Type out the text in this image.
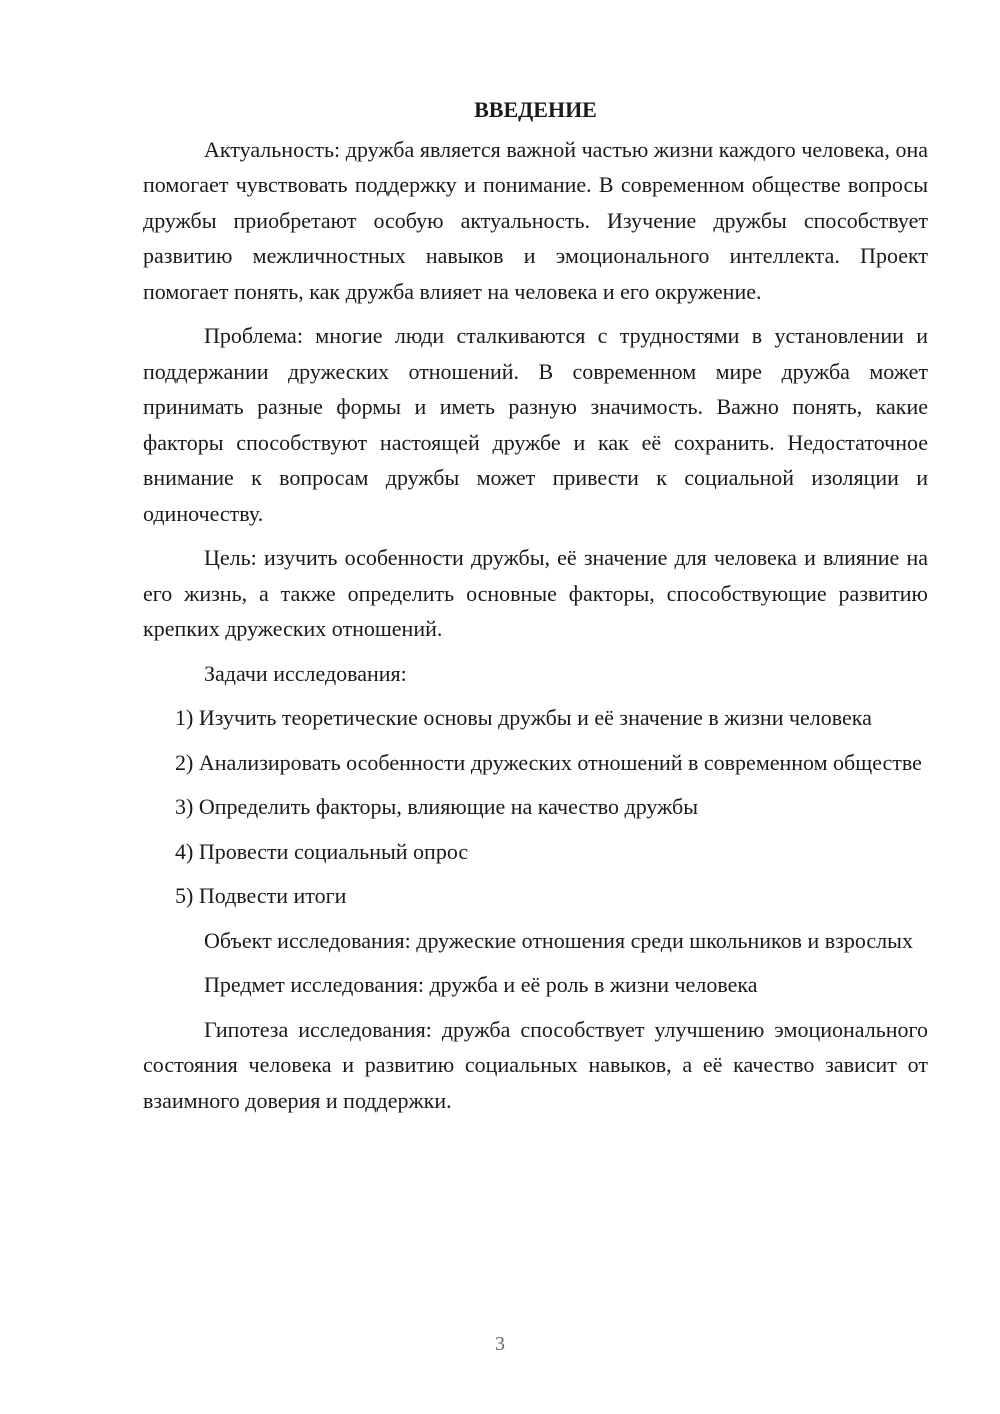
ВВЕДЕНИЕ

Актуальность: дружба является важной частью жизни каждого человека, она помогает чувствовать поддержку и понимание. В современном обществе вопросы дружбы приобретают особую актуальность. Изучение дружбы способствует развитию межличностных навыков и эмоционального интеллекта. Проект помогает понять, как дружба влияет на человека и его окружение.

Проблема: многие люди сталкиваются с трудностями в установлении и поддержании дружеских отношений. В современном мире дружба может принимать разные формы и иметь разную значимость. Важно понять, какие факторы способствуют настоящей дружбе и как её сохранить. Недостаточное внимание к вопросам дружбы может привести к социальной изоляции и одиночеству.

Цель: изучить особенности дружбы, её значение для человека и влияние на его жизнь, а также определить основные факторы, способствующие развитию крепких дружеских отношений.

Задачи исследования:

1) Изучить теоретические основы дружбы и её значение в жизни человека

2) Анализировать особенности дружеских отношений в современном обществе

3) Определить факторы, влияющие на качество дружбы

4) Провести социальный опрос

5) Подвести итоги

Объект исследования: дружеские отношения среди школьников и взрослых

Предмет исследования: дружба и её роль в жизни человека

Гипотеза исследования: дружба способствует улучшению эмоционального состояния человека и развитию социальных навыков, а её качество зависит от взаимного доверия и поддержки.

3
